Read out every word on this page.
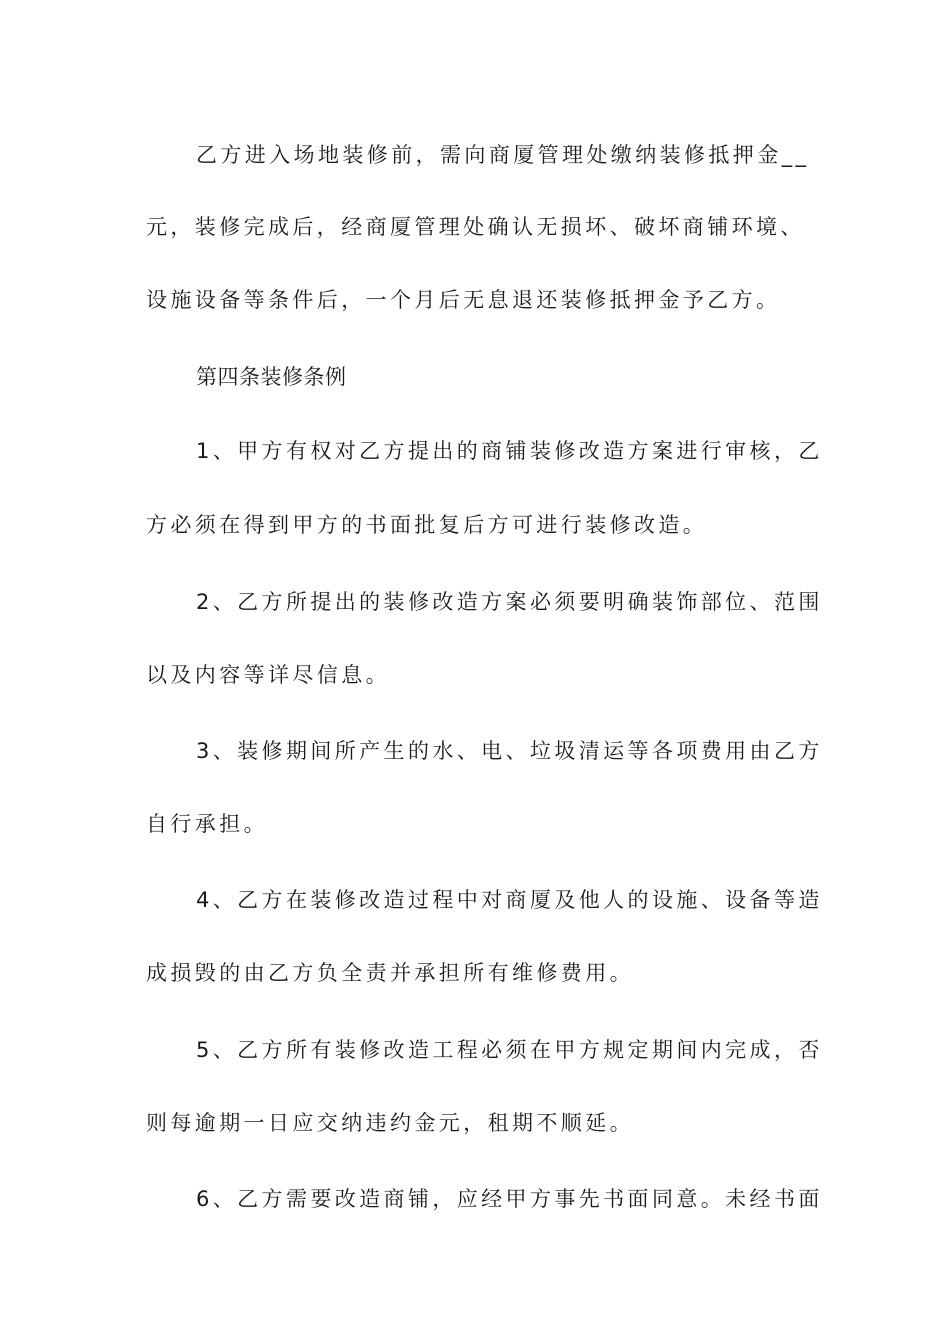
乙方进入场地装修前，需向商厦管理处缴纳装修抵押金__
元，装修完成后，经商厦管理处确认无损坏、破坏商铺环境、
设施设备等条件后，一个月后无息退还装修抵押金予乙方。
第四条装修条例
1、甲方有权对乙方提出的商铺装修改造方案进行审核，乙
方必须在得到甲方的书面批复后方可进行装修改造。
2、乙方所提出的装修改造方案必须要明确装饰部位、范围
以及内容等详尽信息。
3、装修期间所产生的水、电、垃圾清运等各项费用由乙方
自行承担。
4、乙方在装修改造过程中对商厦及他人的设施、设备等造
成损毁的由乙方负全责并承担所有维修费用。
5、乙方所有装修改造工程必须在甲方规定期间内完成，否
则每逾期一日应交纳违约金元，租期不顺延。
6、乙方需要改造商铺，应经甲方事先书面同意。未经书面
